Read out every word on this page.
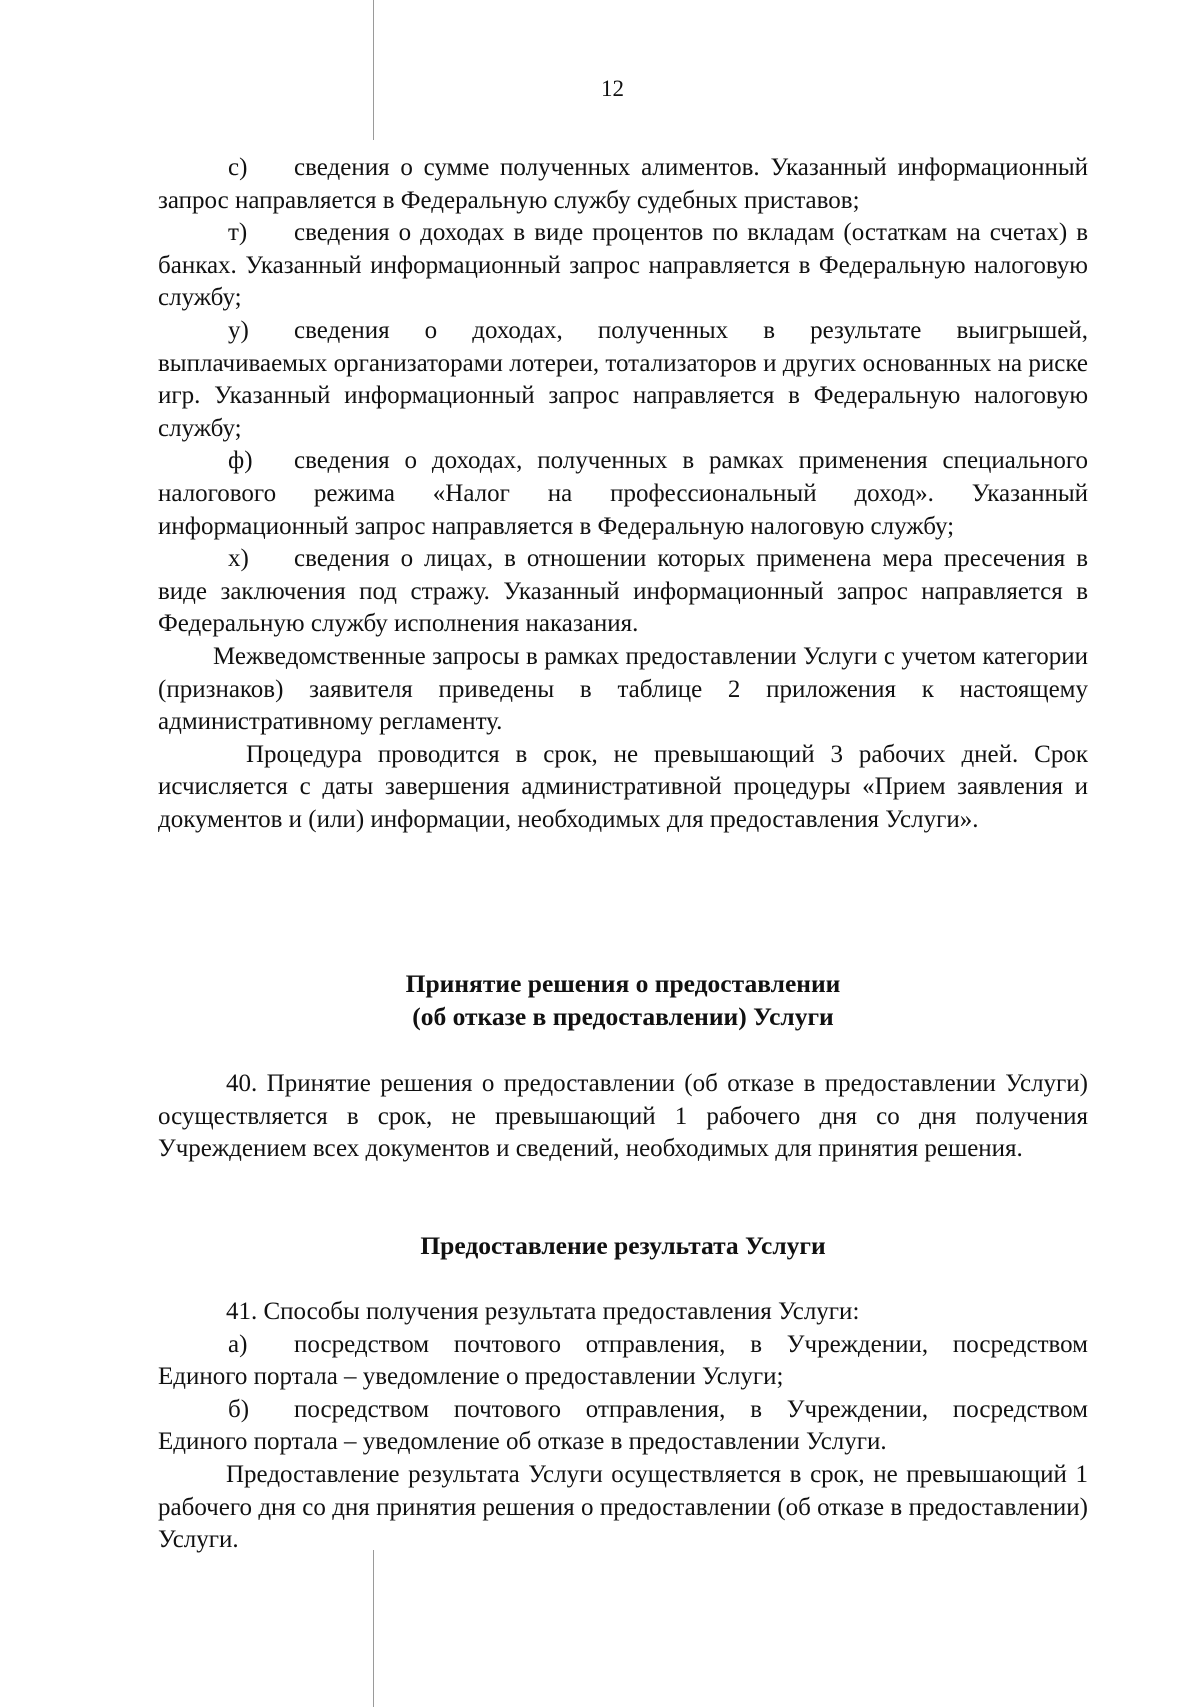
12

с) сведения о сумме полученных алиментов. Указанный информационный запрос направляется в Федеральную службу судебных приставов;

т) сведения о доходах в виде процентов по вкладам (остаткам на счетах) в банках. Указанный информационный запрос направляется в Федеральную налоговую службу;

у) сведения о доходах, полученных в результате выигрышей, выплачиваемых организаторами лотереи, тотализаторов и других основанных на риске игр. Указанный информационный запрос направляется в Федеральную налоговую службу;

ф) сведения о доходах, полученных в рамках применения специального налогового режима «Налог на профессиональный доход». Указанный информационный запрос направляется в Федеральную налоговую службу;

х) сведения о лицах, в отношении которых применена мера пресечения в виде заключения под стражу. Указанный информационный запрос направляется в Федеральную службу исполнения наказания.

Межведомственные запросы в рамках предоставлении Услуги с учетом категории (признаков) заявителя приведены в таблице 2 приложения к настоящему административному регламенту.

Процедура проводится в срок, не превышающий 3 рабочих дней. Срок исчисляется с даты завершения административной процедуры «Прием заявления и документов и (или) информации, необходимых для предоставления Услуги».

Принятие решения о предоставлении
(об отказе в предоставлении) Услуги

40. Принятие решения о предоставлении (об отказе в предоставлении Услуги) осуществляется в срок, не превышающий 1 рабочего дня со дня получения Учреждением всех документов и сведений, необходимых для принятия решения.

Предоставление результата Услуги

41. Способы получения результата предоставления Услуги:

а) посредством почтового отправления, в Учреждении, посредством Единого портала – уведомление о предоставлении Услуги;

б) посредством почтового отправления, в Учреждении, посредством Единого портала – уведомление об отказе в предоставлении Услуги.

Предоставление результата Услуги осуществляется в срок, не превышающий 1 рабочего дня со дня принятия решения о предоставлении (об отказе в предоставлении) Услуги.
